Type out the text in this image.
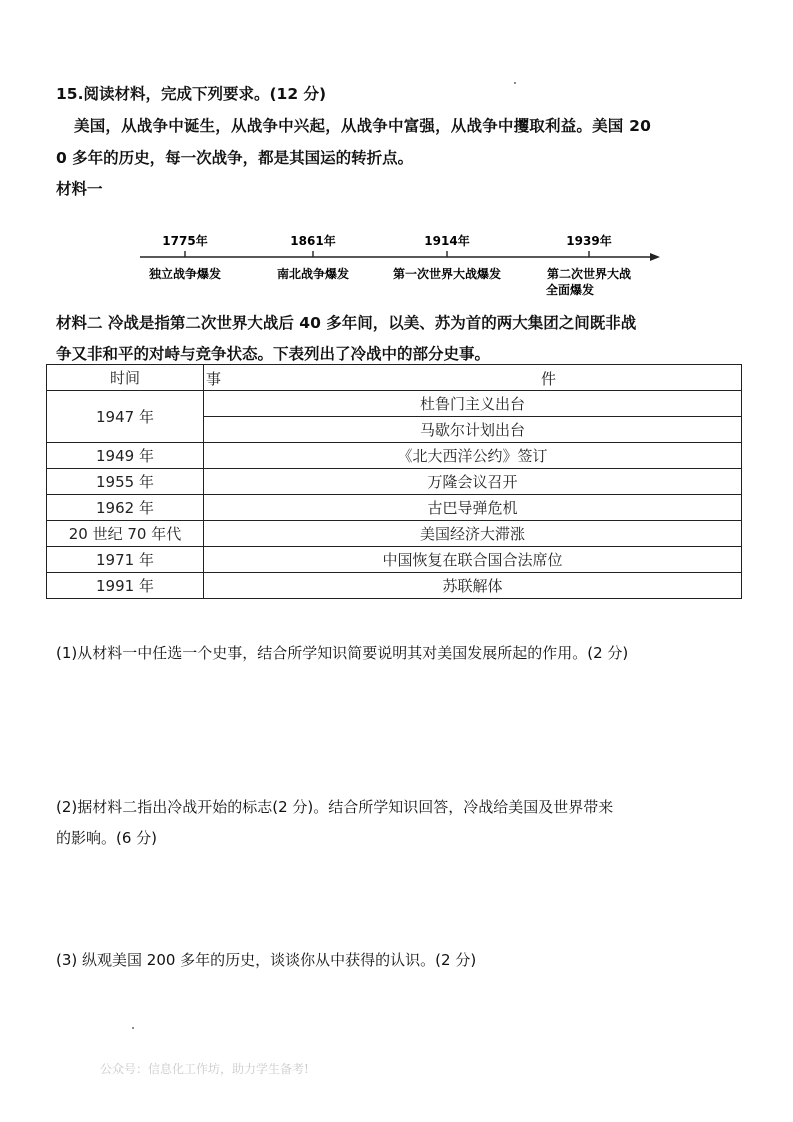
15.阅读材料，完成下列要求。(12 分)
美国，从战争中诞生，从战争中兴起，从战争中富强，从战争中攫取利益。美国 20
0 多年的历史，每一次战争，都是其国运的转折点。
材料一
1775年	1861年	1914年	1939年
独立战争爆发	南北战争爆发	第一次世界大战爆发	第二次世界大战
全面爆发
材料二 冷战是指第二次世界大战后 40 多年间，以美、苏为首的两大集团之间既非战
争又非和平的对峙与竞争状态。下表列出了冷战中的部分史事。
时间	事 件

1947 年	杜鲁门主义出台
	马歇尔计划出台
1949 年	《北大西洋公约》签订
1955 年	万隆会议召开
1962 年	古巴导弹危机
20 世纪 70 年代	美国经济大滞涨
1971 年	中国恢复在联合国合法席位
1991 年	苏联解体
(1)从材料一中任选一个史事，结合所学知识简要说明其对美国发展所起的作用。(2 分)
(2)据材料二指出冷战开始的标志(2 分)。结合所学知识回答，冷战给美国及世界带来
的影响。(6 分)
(3) 纵观美国 200 多年的历史，谈谈你从中获得的认识。(2 分)
公众号：信息化工作坊，助力学生备考!
